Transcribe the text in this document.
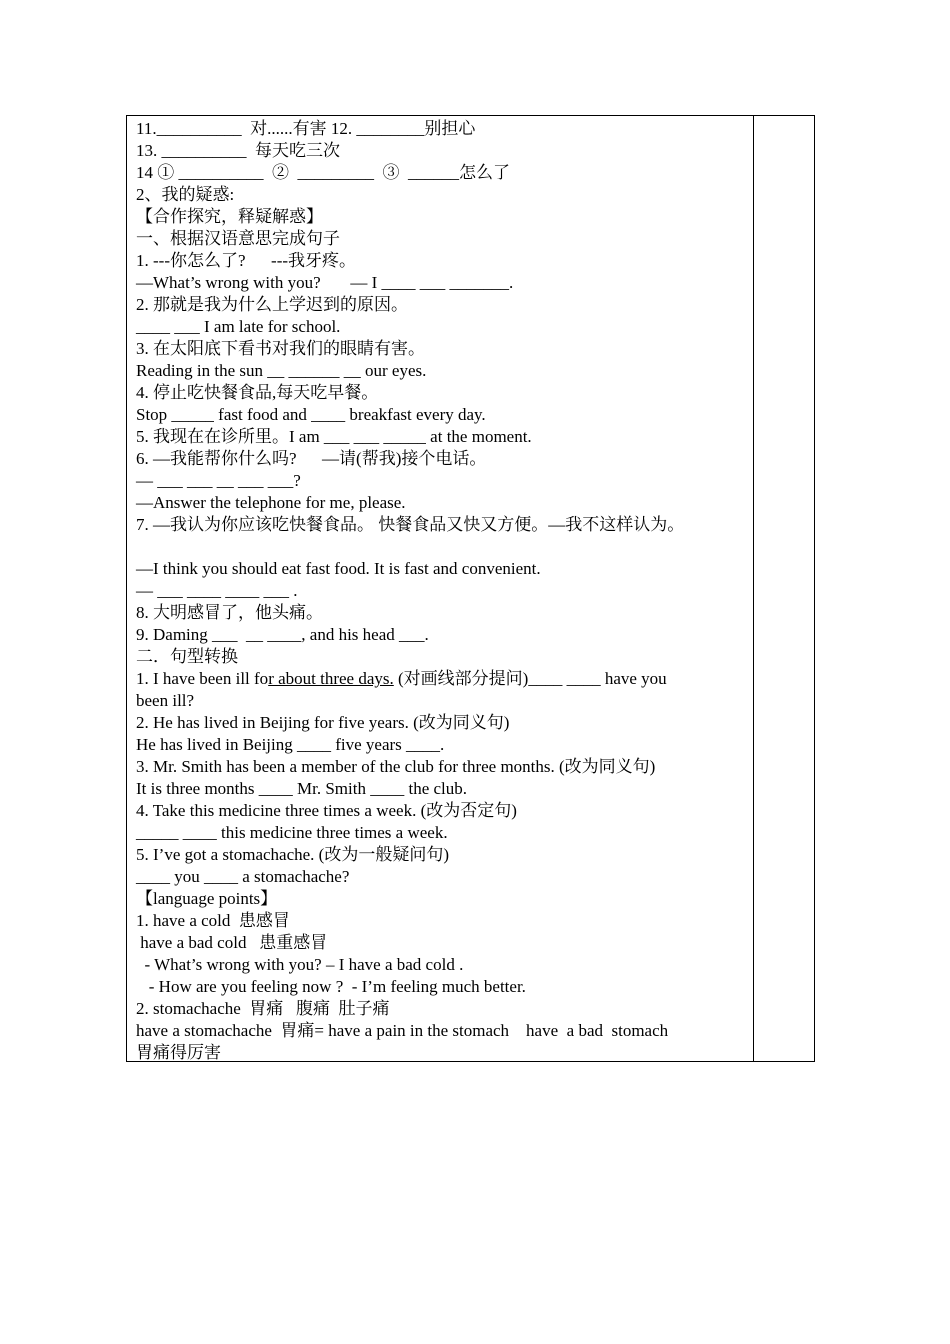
11.__________  对......有害 12. ________别担心
13. __________  每天吃三次
14 ① __________  ②  _________  ③  ______怎么了
2、我的疑惑:
【合作探究，释疑解惑】
一、根据汉语意思完成句子
1. ---你怎么了?      ---我牙疼。
—What’s wrong with you?       — I ____ ___ _______.
2. 那就是我为什么上学迟到的原因。
____ ___ I am late for school.
3. 在太阳底下看书对我们的眼睛有害。
Reading in the sun __ ______ __ our eyes.
4. 停止吃快餐食品,每天吃早餐。
Stop _____ fast food and ____ breakfast every day.
5. 我现在在诊所里。I am ___ ___ _____ at the moment.
6. —我能帮你什么吗?      —请(帮我)接个电话。
— ___ ___ __ ___ ___?
—Answer the telephone for me, please.
7. —我认为你应该吃快餐食品。 快餐食品又快又方便。—我不这样认为。
—I think you should eat fast food. It is fast and convenient.
— ___ ____ ____ ___ .
8. 大明感冒了，他头痛。
9. Daming ___  __ ____, and his head ___.
二．句型转换
1. I have been ill for about three days. (对画线部分提问)____ ____ have you
been ill?
2. He has lived in Beijing for five years. (改为同义句)
He has lived in Beijing ____ five years ____.
3. Mr. Smith has been a member of the club for three months. (改为同义句)
It is three months ____ Mr. Smith ____ the club.
4. Take this medicine three times a week. (改为否定句)
_____ ____ this medicine three times a week.
5. I’ve got a stomachache. (改为一般疑问句)
____ you ____ a stomachache?
【language points】
1. have a cold  患感冒
have a bad cold   患重感冒
- What’s wrong with you? – I have a bad cold .
- How are you feeling now ?  - I’m feeling much better.
2. stomachache  胃痛   腹痛  肚子痛
have a stomachache  胃痛= have a pain in the stomach    have  a bad  stomach
胃痛得厉害
